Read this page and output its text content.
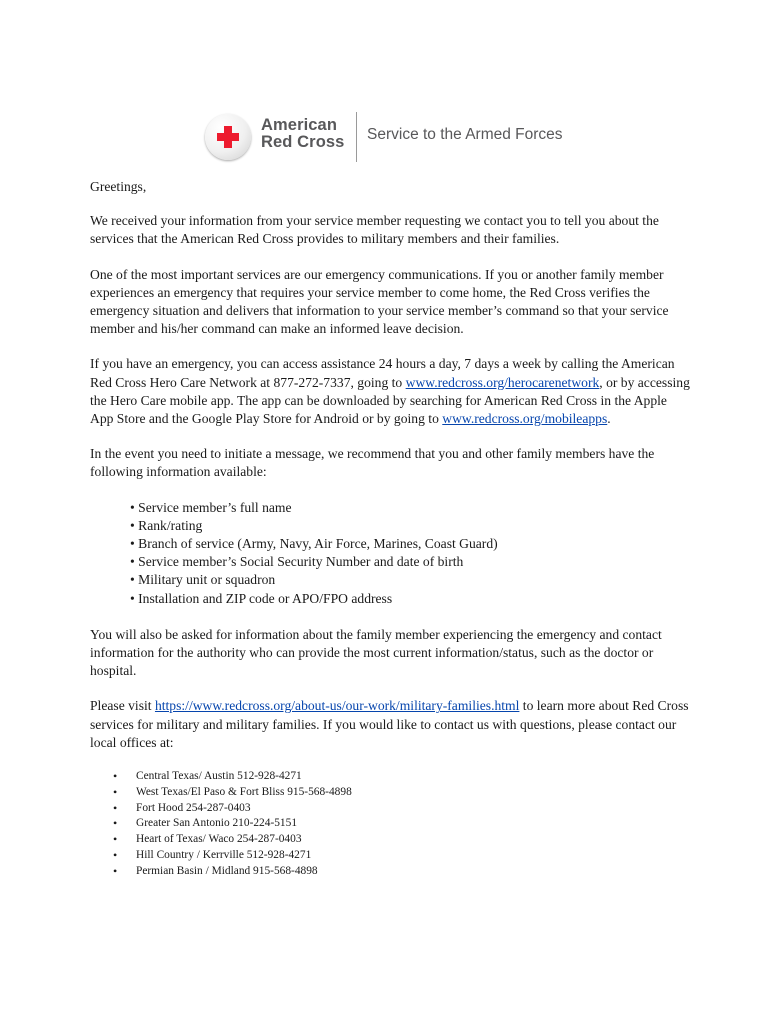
American
Red Cross Service to the Armed Forces

Greetings,

We received your information from your service member requesting we contact you to tell you about the services that the American Red Cross provides to military members and their families.

One of the most important services are our emergency communications. If you or another family member experiences an emergency that requires your service member to come home, the Red Cross verifies the emergency situation and delivers that information to your service member’s command so that your service member and his/her command can make an informed leave decision.

If you have an emergency, you can access assistance 24 hours a day, 7 days a week by calling the American Red Cross Hero Care Network at 877-272-7337, going to www.redcross.org/herocarenetwork, or by accessing the Hero Care mobile app. The app can be downloaded by searching for American Red Cross in the Apple App Store and the Google Play Store for Android or by going to www.redcross.org/mobileapps.

In the event you need to initiate a message, we recommend that you and other family members have the following information available:

• Service member’s full name
• Rank/rating
• Branch of service (Army, Navy, Air Force, Marines, Coast Guard)
• Service member’s Social Security Number and date of birth
• Military unit or squadron
• Installation and ZIP code or APO/FPO address

You will also be asked for information about the family member experiencing the emergency and contact information for the authority who can provide the most current information/status, such as the doctor or hospital.

Please visit https://www.redcross.org/about-us/our-work/military-families.html to learn more about Red Cross services for military and military families. If you would like to contact us with questions, please contact our local offices at:

• Central Texas/ Austin 512-928-4271
• West Texas/El Paso & Fort Bliss 915-568-4898
• Fort Hood 254-287-0403
• Greater San Antonio 210-224-5151
• Heart of Texas/ Waco 254-287-0403
• Hill Country / Kerrville 512-928-4271
• Permian Basin / Midland 915-568-4898
